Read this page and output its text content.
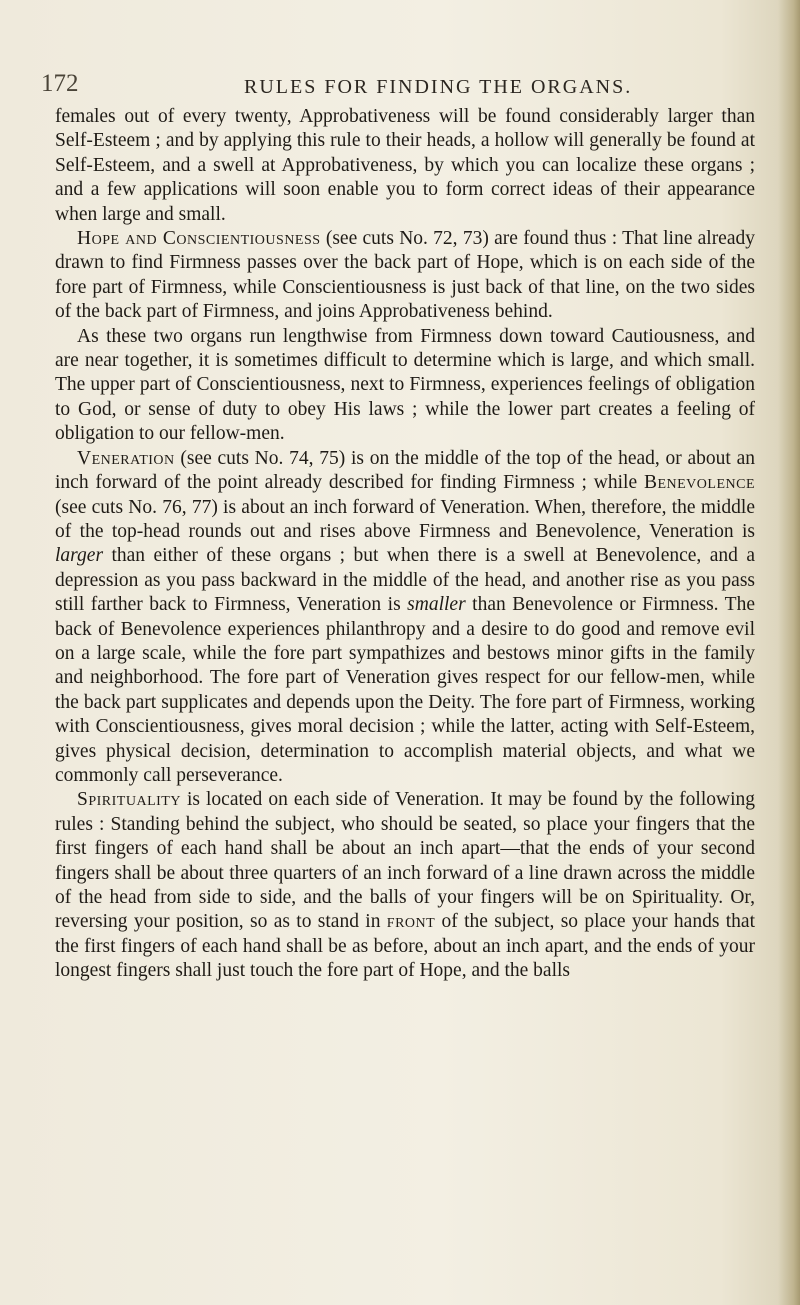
172	RULES FOR FINDING THE ORGANS.

females out of every twenty, Approbativeness will be found considerably larger than Self-Esteem ; and by applying this rule to their heads, a hollow will generally be found at Self-Esteem, and a swell at Approbativeness, by which you can localize these organs ; and a few applications will soon enable you to form correct ideas of their appearance when large and small.

Hope and Conscientiousness (see cuts No. 72, 73) are found thus : That line already drawn to find Firmness passes over the back part of Hope, which is on each side of the fore part of Firmness, while Conscientiousness is just back of that line, on the two sides of the back part of Firmness, and joins Approbativeness behind.

As these two organs run lengthwise from Firmness down toward Cautiousness, and are near together, it is sometimes difficult to determine which is large, and which small. The upper part of Conscientiousness, next to Firmness, experiences feelings of obligation to God, or sense of duty to obey His laws ; while the lower part creates a feeling of obligation to our fellow-men.

Veneration (see cuts No. 74, 75) is on the middle of the top of the head, or about an inch forward of the point already described for finding Firmness ; while Benevolence (see cuts No. 76, 77) is about an inch forward of Veneration. When, therefore, the middle of the top-head rounds out and rises above Firmness and Benevolence, Veneration is larger than either of these organs ; but when there is a swell at Benevolence, and a depression as you pass backward in the middle of the head, and another rise as you pass still farther back to Firmness, Veneration is smaller than Benevolence or Firmness. The back of Benevolence experiences philanthropy and a desire to do good and remove evil on a large scale, while the fore part sympathizes and bestows minor gifts in the family and neighborhood. The fore part of Veneration gives respect for our fellow-men, while the back part supplicates and depends upon the Deity. The fore part of Firmness, working with Conscientiousness, gives moral decision ; while the latter, acting with Self-Esteem, gives physical decision, determination to accomplish material objects, and what we commonly call perseverance.

Spirituality is located on each side of Veneration. It may be found by the following rules : Standing behind the subject, who should be seated, so place your fingers that the first fingers of each hand shall be about an inch apart—that the ends of your second fingers shall be about three quarters of an inch forward of a line drawn across the middle of the head from side to side, and the balls of your fingers will be on Spirituality. Or, reversing your position, so as to stand in front of the subject, so place your hands that the first fingers of each hand shall be as before, about an inch apart, and the ends of your longest fingers shall just touch the fore part of Hope, and the balls
